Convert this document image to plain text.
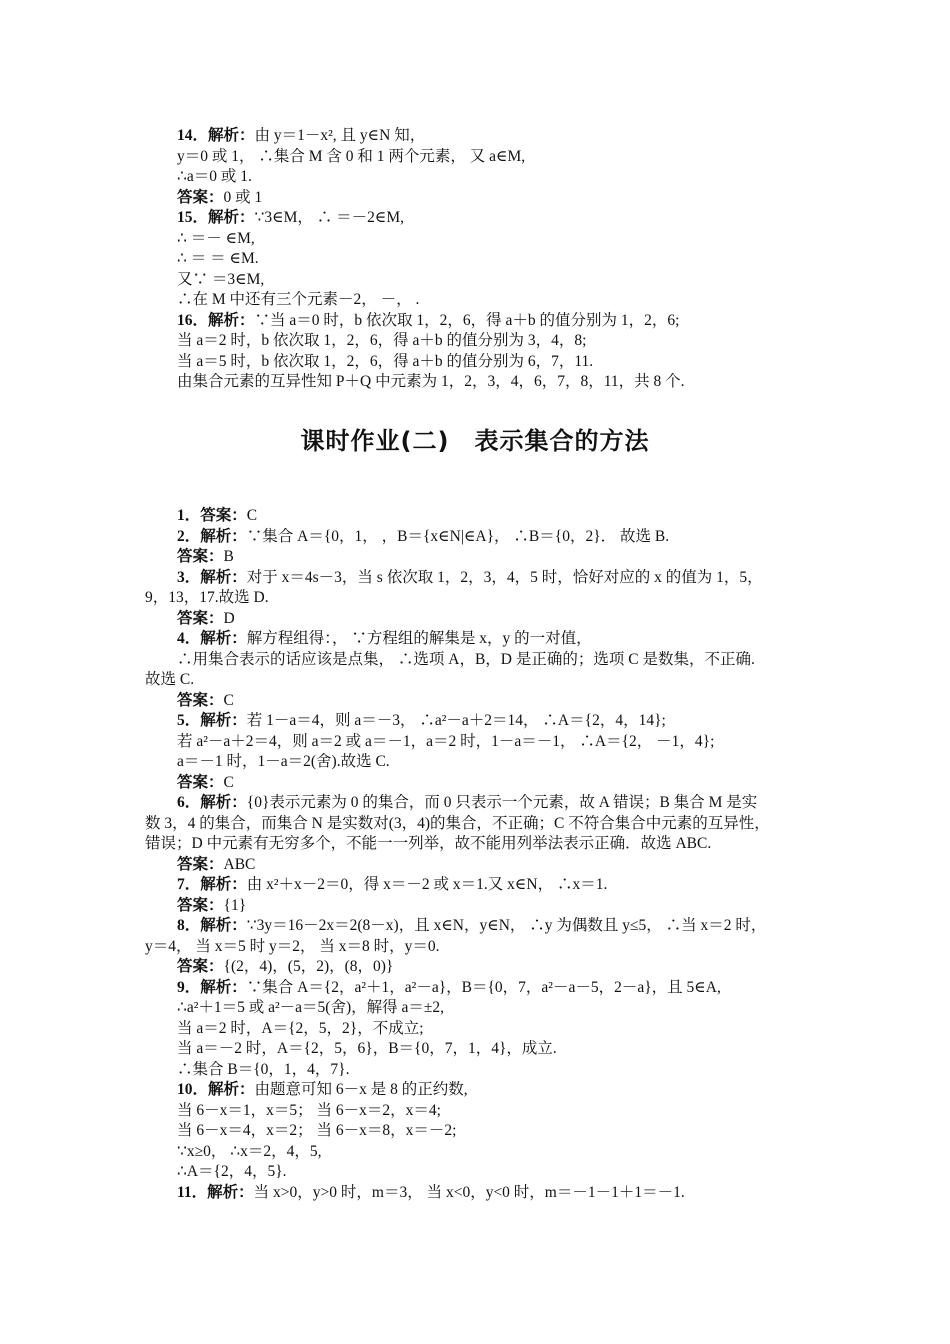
14．解析：由 y＝1－x², 且 y∈N 知，
y＝0 或 1， ∴集合 M 含 0 和 1 两个元素， 又 a∈M,
∴a＝0 或 1.
答案：0 或 1
15．解析：∵3∈M， ∴ ＝－2∈M,
∴ ＝－ ∈M,
∴ ＝ ＝ ∈M.
又∵ ＝3∈M,
∴在 M 中还有三个元素－2， －， .
16．解析：∵当 a＝0 时，b 依次取 1，2，6，得 a＋b 的值分别为 1，2，6;
当 a＝2 时，b 依次取 1，2，6，得 a＋b 的值分别为 3，4，8;
当 a＝5 时，b 依次取 1，2，6，得 a＋b 的值分别为 6，7，11.
由集合元素的互异性知 P＋Q 中元素为 1，2，3，4，6，7，8，11，共 8 个.
课时作业(二)　表示集合的方法
1．答案：C
2．解析：∵集合 A＝{0，1， ，B＝{x∈N|∈A}， ∴B＝{0，2}． 故选 B.
答案：B
3．解析：对于 x＝4s－3，当 s 依次取 1，2，3，4，5 时，恰好对应的 x 的值为 1，5，
9，13，17.故选 D.
答案：D
4．解析：解方程组得：， ∵方程组的解集是 x，y 的一对值，
∴用集合表示的话应该是点集， ∴选项 A，B，D 是正确的；选项 C 是数集，不正确.
故选 C.
答案：C
5．解析：若 1－a＝4，则 a＝－3， ∴a²－a＋2＝14， ∴A＝{2，4，14};
若 a²－a＋2＝4，则 a＝2 或 a＝－1，a＝2 时，1－a＝－1， ∴A＝{2， －1，4};
a＝－1 时，1－a＝2(舍).故选 C.
答案：C
6．解析：{0}表示元素为 0 的集合，而 0 只表示一个元素，故 A 错误；B 集合 M 是实
数 3，4 的集合，而集合 N 是实数对(3，4)的集合，不正确；C 不符合集合中元素的互异性，
错误；D 中元素有无穷多个，不能一一列举，故不能用列举法表示正确．故选 ABC.
答案：ABC
7．解析：由 x²＋x－2＝0，得 x＝－2 或 x＝1.又 x∈N， ∴x＝1.
答案：{1}
8．解析：∵3y＝16－2x＝2(8－x)，且 x∈N，y∈N， ∴y 为偶数且 y≤5， ∴当 x＝2 时，
y＝4， 当 x＝5 时 y＝2， 当 x＝8 时，y＝0.
答案：{(2，4)，(5，2)，(8，0)}
9．解析：∵集合 A＝{2，a²＋1，a²－a}，B＝{0，7，a²－a－5，2－a}，且 5∈A,
∴a²＋1＝5 或 a²－a＝5(舍)，解得 a＝±2,
当 a＝2 时，A＝{2，5，2}，不成立;
当 a＝－2 时，A＝{2，5，6}，B＝{0，7，1，4}，成立.
∴集合 B＝{0，1，4，7}.
10．解析：由题意可知 6－x 是 8 的正约数,
当 6－x＝1，x＝5； 当 6－x＝2，x＝4;
当 6－x＝4，x＝2； 当 6－x＝8，x＝－2;
∵x≥0， ∴x＝2，4，5,
∴A＝{2，4，5}.
11．解析：当 x>0，y>0 时，m＝3， 当 x<0，y<0 时，m＝－1－1＋1＝－1.
